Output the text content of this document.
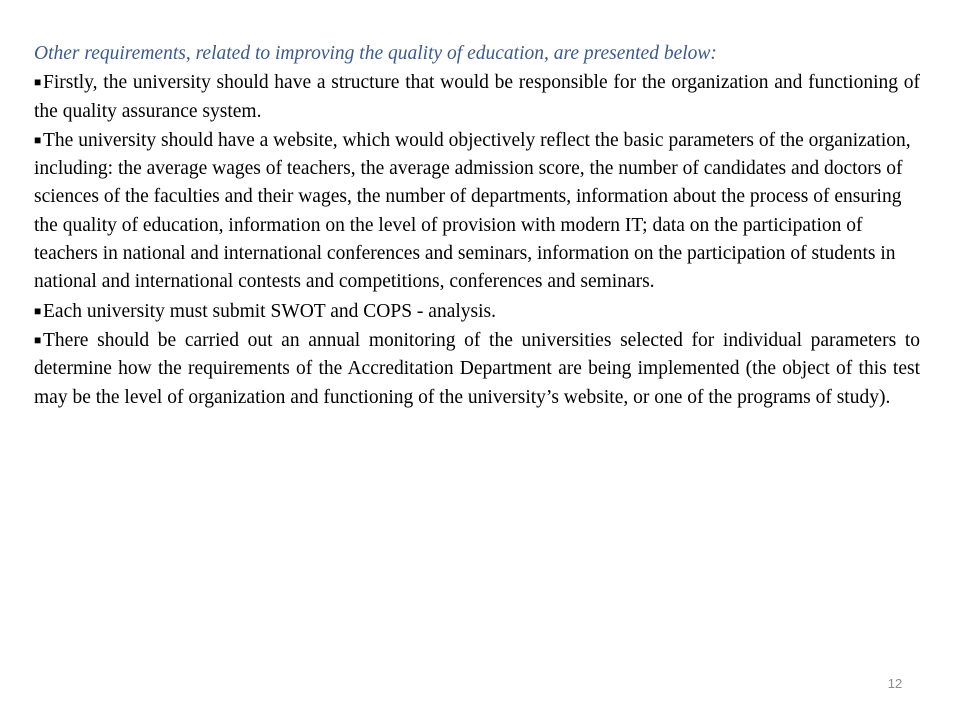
Other requirements, related to improving the quality of education, are presented below:

■Firstly, the university should have a structure that would be responsible for the organization and functioning of the quality assurance system.

■The university should have a website, which would objectively reflect the basic parameters of the organization, including: the average wages of teachers, the average admission score, the number of candidates and doctors of sciences of the faculties and their wages, the number of departments, information about the process of ensuring the quality of education, information on the level of provision with modern IT; data on the participation of teachers in national and international conferences and seminars, information on the participation of students in national and international contests and competitions, conferences and seminars.

■Each university must submit SWOT and COPS - analysis.

■There should be carried out an annual monitoring of the universities selected for individual parameters to determine how the requirements of the Accreditation Department are being implemented (the object of this test may be the level of organization and functioning of the university’s website, or one of the programs of study).

12
